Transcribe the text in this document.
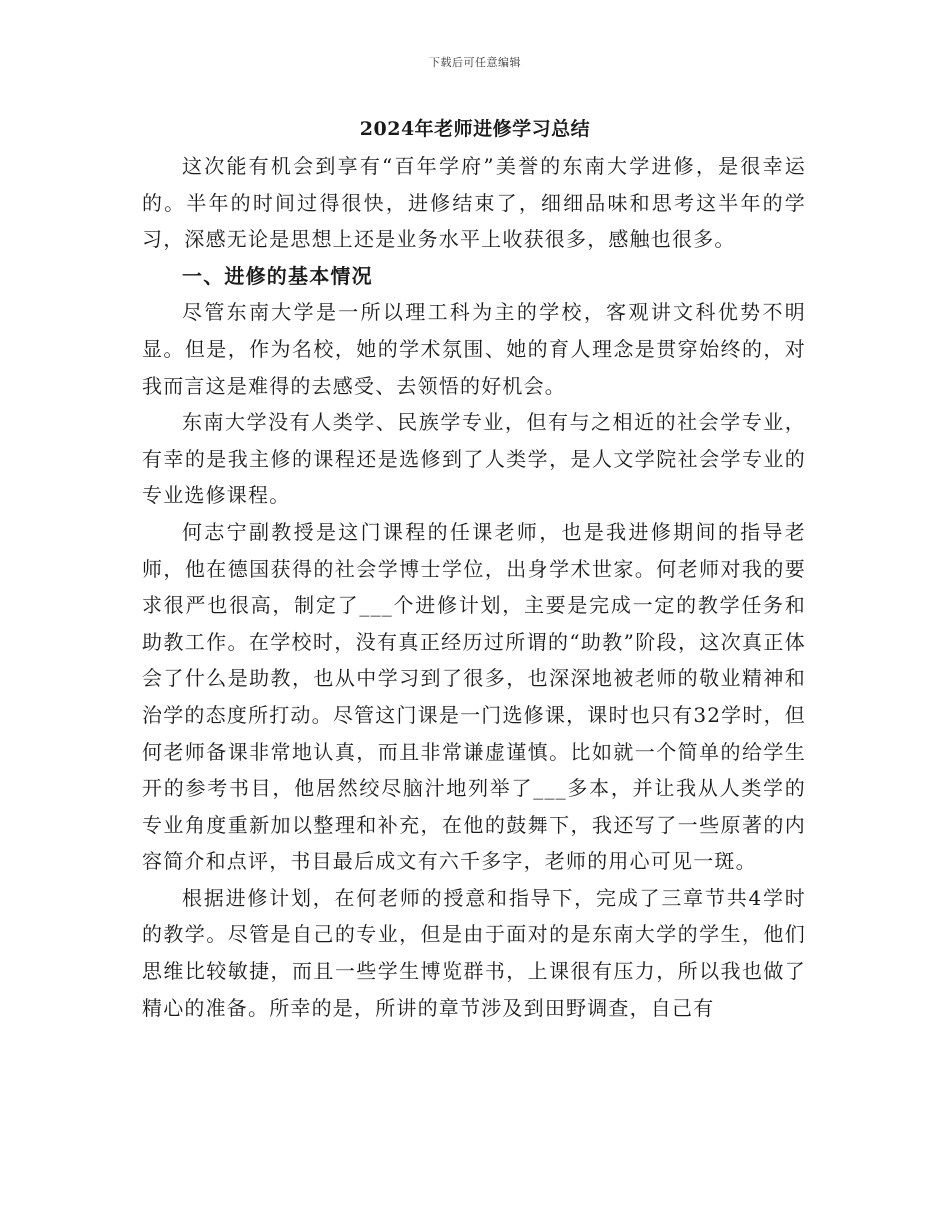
下载后可任意编辑
2024年老师进修学习总结

这次能有机会到享有“百年学府”美誉的东南大学进修，是很幸运的。半年的时间过得很快，进修结束了，细细品味和思考这半年的学习，深感无论是思想上还是业务水平上收获很多，感触也很多。

一、进修的基本情况

尽管东南大学是一所以理工科为主的学校，客观讲文科优势不明显。但是，作为名校，她的学术氛围、她的育人理念是贯穿始终的，对我而言这是难得的去感受、去领悟的好机会。

东南大学没有人类学、民族学专业，但有与之相近的社会学专业，有幸的是我主修的课程还是选修到了人类学，是人文学院社会学专业的专业选修课程。

何志宁副教授是这门课程的任课老师，也是我进修期间的指导老师，他在德国获得的社会学博士学位，出身学术世家。何老师对我的要求很严也很高，制定了___个进修计划，主要是完成一定的教学任务和助教工作。在学校时，没有真正经历过所谓的“助教”阶段，这次真正体会了什么是助教，也从中学习到了很多，也深深地被老师的敬业精神和治学的态度所打动。尽管这门课是一门选修课，课时也只有32学时，但何老师备课非常地认真，而且非常谦虚谨慎。比如就一个简单的给学生开的参考书目，他居然绞尽脑汁地列举了___多本，并让我从人类学的专业角度重新加以整理和补充，在他的鼓舞下，我还写了一些原著的内容简介和点评，书目最后成文有六千多字，老师的用心可见一斑。

根据进修计划，在何老师的授意和指导下，完成了三章节共4学时的教学。尽管是自己的专业，但是由于面对的是东南大学的学生，他们思维比较敏捷，而且一些学生博览群书，上课很有压力，所以我也做了精心的准备。所幸的是，所讲的章节涉及到田野调查，自己有
